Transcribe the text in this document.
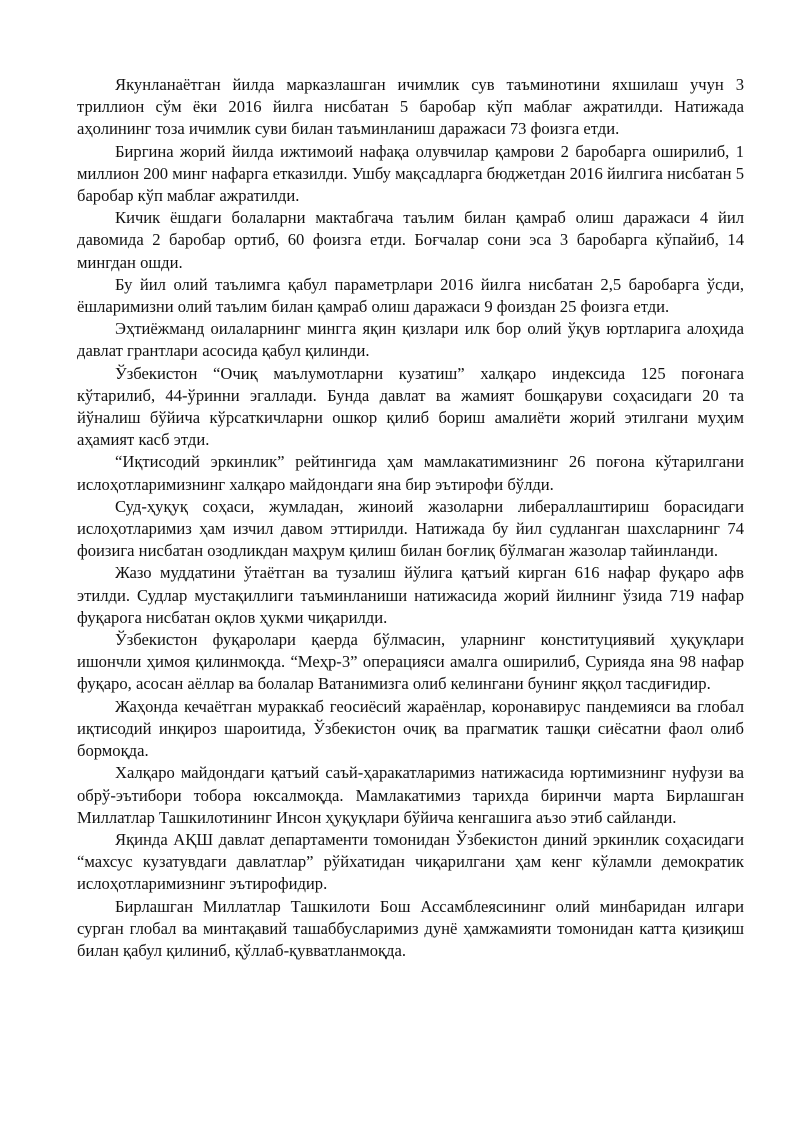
Якунланаётган йилда марказлашган ичимлик сув таъминотини яхшилаш учун 3 триллион сўм ёки 2016 йилга нисбатан 5 баробар кўп маблағ ажратилди. Натижада аҳолининг тоза ичимлик суви билан таъминланиш даражаси 73 фоизга етди.

Биргина жорий йилда ижтимоий нафақа олувчилар қамрови 2 баробарга оширилиб, 1 миллион 200 минг нафарга етказилди. Ушбу мақсадларга бюджетдан 2016 йилгига нисбатан 5 баробар кўп маблағ ажратилди.

Кичик ёшдаги болаларни мактабгача таълим билан қамраб олиш даражаси 4 йил давомида 2 баробар ортиб, 60 фоизга етди. Боғчалар сони эса 3 баробарга кўпайиб, 14 мингдан ошди.

Бу йил олий таълимга қабул параметрлари 2016 йилга нисбатан 2,5 баробарга ўсди, ёшларимизни олий таълим билан қамраб олиш даражаси 9 фоиздан 25 фоизга етди.

Эҳтиёжманд оилаларнинг мингга яқин қизлари илк бор олий ўқув юртларига алоҳида давлат грантлари асосида қабул қилинди.

Ўзбекистон “Очиқ маълумотларни кузатиш” халқаро индексида 125 поғонага кўтарилиб, 44-ўринни эгаллади. Бунда давлат ва жамият бошқаруви соҳасидаги 20 та йўналиш бўйича кўрсаткичларни ошкор қилиб бориш амалиёти жорий этилгани муҳим аҳамият касб этди.

“Иқтисодий эркинлик” рейтингида ҳам мамлакатимизнинг 26 поғона кўтарилгани ислоҳотларимизнинг халқаро майдондаги яна бир эътирофи бўлди.

Суд-ҳуқуқ соҳаси, жумладан, жиноий жазоларни либераллаштириш борасидаги ислоҳотларимиз ҳам изчил давом эттирилди. Натижада бу йил судланган шахсларнинг 74 фоизига нисбатан озодликдан маҳрум қилиш билан боғлиқ бўлмаган жазолар тайинланди.

Жазо муддатини ўтаётган ва тузалиш йўлига қатъий кирган 616 нафар фуқаро афв этилди. Судлар мустақиллиги таъминланиши натижасида жорий йилнинг ўзида 719 нафар фуқарога нисбатан оқлов ҳукми чиқарилди.

Ўзбекистон фуқаролари қаерда бўлмасин, уларнинг конституциявий ҳуқуқлари ишончли ҳимоя қилинмоқда. “Меҳр-3” операцияси амалга оширилиб, Сурияда яна 98 нафар фуқаро, асосан аёллар ва болалар Ватанимизга олиб келингани бунинг яққол тасдиғидир.

Жаҳонда кечаётган мураккаб геосиёсий жараёнлар, коронавирус пандемияси ва глобал иқтисодий инқироз шароитида, Ўзбекистон очиқ ва прагматик ташқи сиёсатни фаол олиб бормоқда.

Халқаро майдондаги қатъий саъй-ҳаракатларимиз натижасида юртимизнинг нуфузи ва обрў-эътибори тобора юксалмоқда. Мамлакатимиз тарихда биринчи марта Бирлашган Миллатлар Ташкилотининг Инсон ҳуқуқлари бўйича кенгашига аъзо этиб сайланди.

Яқинда АҚШ давлат департаменти томонидан Ўзбекистон диний эркинлик соҳасидаги “махсус кузатувдаги давлатлар” рўйхатидан чиқарилгани ҳам кенг кўламли демократик ислоҳотларимизнинг эътирофидир.

Бирлашган Миллатлар Ташкилоти Бош Ассамблеясининг олий минбаридан илгари сурган глобал ва минтақавий ташаббусларимиз дунё ҳамжамияти томонидан катта қизиқиш билан қабул қилиниб, қўллаб-қувватланмоқда.
